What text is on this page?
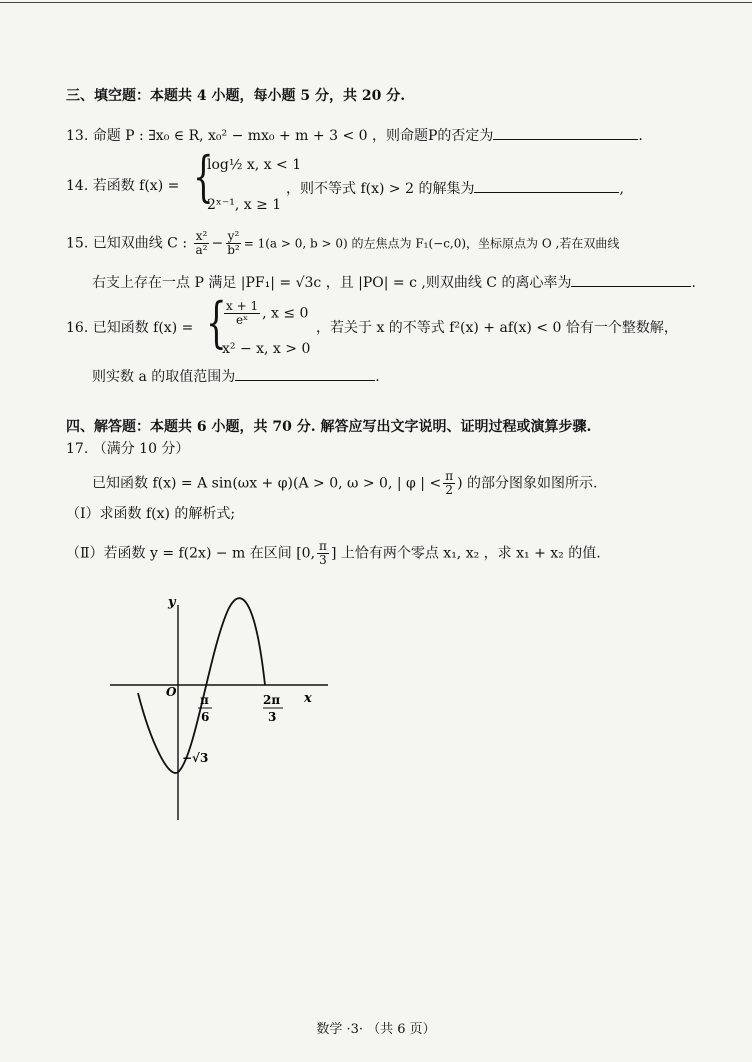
三、填空题：本题共 4 小题，每小题 5 分，共 20 分.
13. 命题 P : ∃x₀ ∈ R, x₀² − mx₀ + m + 3 < 0 ，则命题P的否定为	.
14. 若函数 f(x) = {
log½ x, x < 1
2ˣ⁻¹, x ≥ 1
，则不等式 f(x) > 2 的解集为	,
15. 已知双曲线 C : $\frac{\text{x²}}{\text{a²}} - \frac{\text{y²}}{\text{b²}} = 1(a > 0$, b > 0) 的左焦点为 F₁(−c,0)，坐标原点为 O ,若在双曲线
右支上存在一点 P 满足 |PF₁| = √3c ，且 |PO| = c ,则双曲线 C 的离心率为	.
16. 已知函数 f(x) = {
$\frac{x + 1}{\text{eˣ}}$ , x ≤ 0
x² − x, x > 0
，若关于 x 的不等式 f²(x) + af(x) < 0 恰有一个整数解，
则实数 a 的取值范围为	.
四、解答题：本题共 6 小题，共 70 分. 解答应写出文字说明、证明过程或演算步骤.
17. （满分 10 分）
已知函数 f(x) = A sin(ωx + φ)(A > 0, ω > 0, | φ | < $\frac{\pi}{2}$ ) 的部分图象如图所示.
（Ⅰ）求函数 f(x) 的解析式;
（Ⅱ）若函数 y = f(2x) − m 在区间 [0, $\frac{\pi}{3}$ ] 上恰有两个零点 x₁, x₂ ，求 x₁ + x₂ 的值.
y
x
O
π
6
2π
3
−√3
数学 ·3· （共 6 页）
